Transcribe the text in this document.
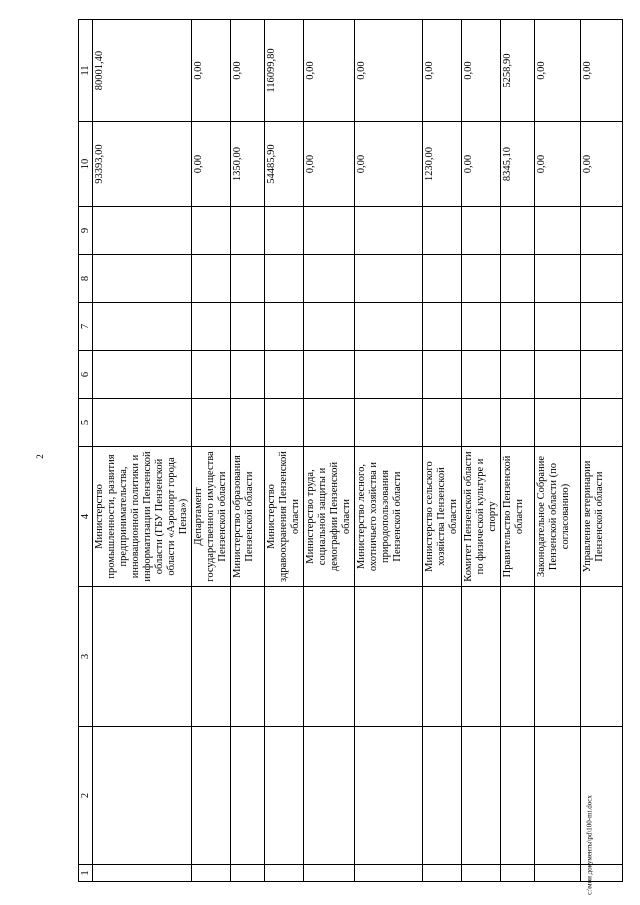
2
1	2	3	4	5	6	7	8	9	10	11
			Министерство промышленности, развития предпринимательства, инновационной политики и информатизации Пензенской области (ГБУ Пензенской области «Аэропорт города Пенза»)						93393,00	80001,40
			Департамент государственного имущества Пензенской области						0,00	0,00
			Министерство образования Пензенской области						1350,00	0,00
			Министерство здравоохранения Пензенской области						54485,90	116099,80
			Министерство труда, социальной защиты и демографии Пензенской области						0,00	0,00
			Министерство лесного, охотничьего хозяйства и природопользования Пензенской области						0,00	0,00
			Министерство сельского хозяйства Пензенской области						1230,00	0,00
			Комитет Пензенской области по физической культуре и спорту						0,00	0,00
			Правительство Пензенской области						8345,10	5258,90
			Законодательное Собрание Пензенской области (по согласованию)						0,00	0,00
			Управление ветеринарии Пензенской области						0,00	0,00
c:\мои документы\pd\100-mt.docx
